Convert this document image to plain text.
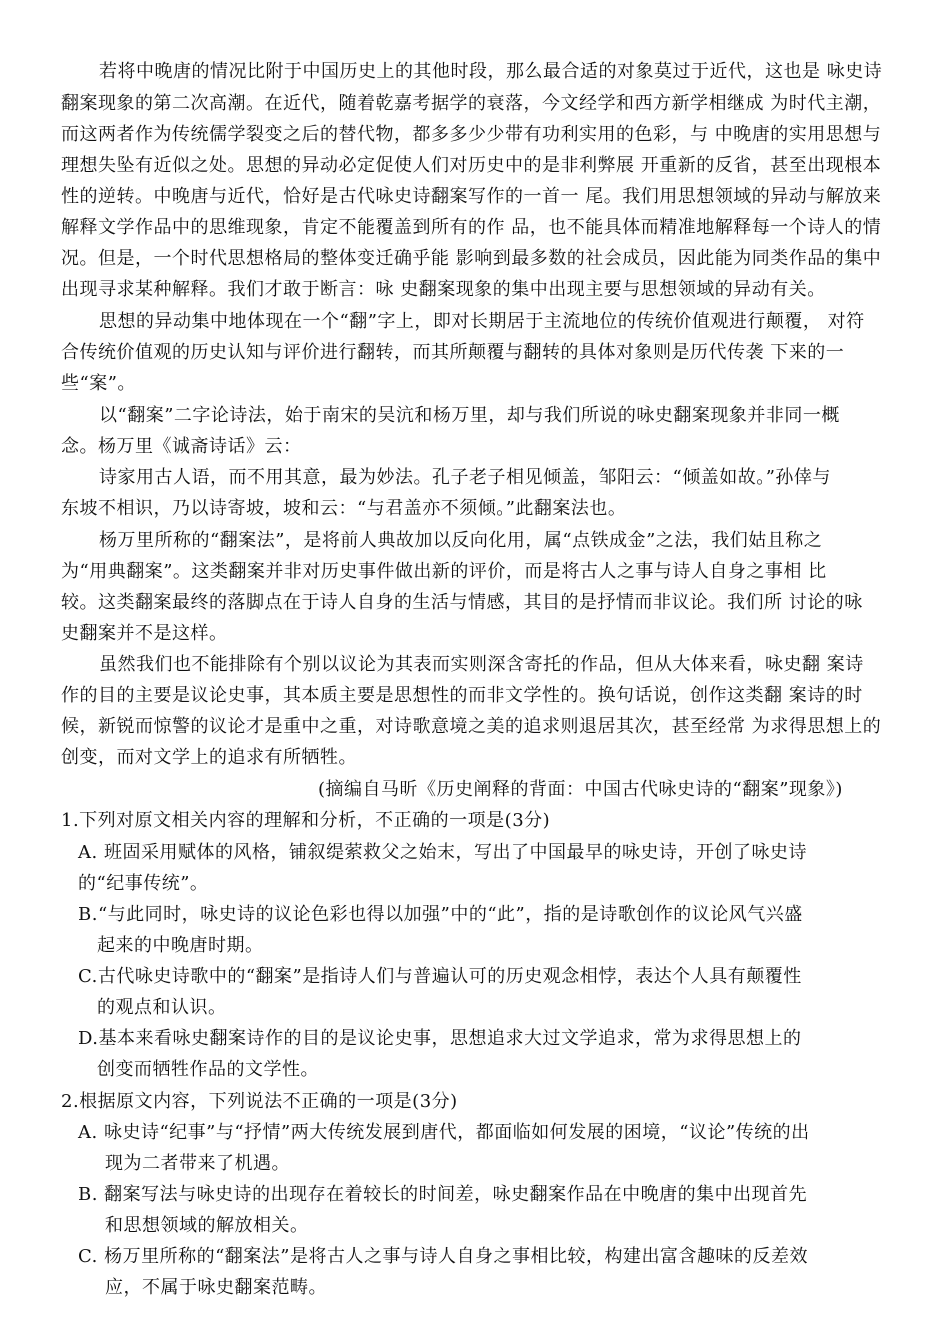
若将中晚唐的情况比附于中国历史上的其他时段，那么最合适的对象莫过于近代，这也是 咏史诗
翻案现象的第二次高潮。在近代，随着乾嘉考据学的衰落，今文经学和西方新学相继成 为时代主潮，
而这两者作为传统儒学裂变之后的替代物，都多多少少带有功利实用的色彩，与 中晚唐的实用思想与
理想失坠有近似之处。思想的异动必定促使人们对历史中的是非利弊展 开重新的反省，甚至出现根本
性的逆转。中晚唐与近代，恰好是古代咏史诗翻案写作的一首一 尾。我们用思想领域的异动与解放来
解释文学作品中的思维现象，肯定不能覆盖到所有的作 品，也不能具体而精准地解释每一个诗人的情
况。但是，一个时代思想格局的整体变迁确乎能 影响到最多数的社会成员，因此能为同类作品的集中
出现寻求某种解释。我们才敢于断言：咏 史翻案现象的集中出现主要与思想领域的异动有关。
思想的异动集中地体现在一个“翻”字上，即对长期居于主流地位的传统价值观进行颠覆， 对符
合传统价值观的历史认知与评价进行翻转，而其所颠覆与翻转的具体对象则是历代传袭 下来的一
些“案”。
以“翻案”二字论诗法，始于南宋的吴沆和杨万里，却与我们所说的咏史翻案现象并非同一概
念。杨万里《诚斋诗话》云：
诗家用古人语，而不用其意，最为妙法。孔子老子相见倾盖，邹阳云：“倾盖如故。”孙倖与
东坡不相识，乃以诗寄坡，坡和云：“与君盖亦不须倾。”此翻案法也。
杨万里所称的“翻案法”，是将前人典故加以反向化用，属“点铁成金”之法，我们姑且称之
为“用典翻案”。这类翻案并非对历史事件做出新的评价，而是将古人之事与诗人自身之事相 比
较。这类翻案最终的落脚点在于诗人自身的生活与情感，其目的是抒情而非议论。我们所 讨论的咏
史翻案并不是这样。
虽然我们也不能排除有个别以议论为其表而实则深含寄托的作品，但从大体来看，咏史翻 案诗
作的目的主要是议论史事，其本质主要是思想性的而非文学性的。换句话说，创作这类翻 案诗的时
候，新锐而惊警的议论才是重中之重，对诗歌意境之美的追求则退居其次，甚至经常 为求得思想上的
创变，而对文学上的追求有所牺牲。
(摘编自马昕《历史阐释的背面：中国古代咏史诗的“翻案”现象》)
1.下列对原文相关内容的理解和分析，不正确的一项是(3分)
A. 班固采用赋体的风格，铺叙缇萦救父之始末，写出了中国最早的咏史诗，开创了咏史诗
的“纪事传统”。
B.“与此同时，咏史诗的议论色彩也得以加强”中的“此”，指的是诗歌创作的议论风气兴盛
起来的中晚唐时期。
C.古代咏史诗歌中的“翻案”是指诗人们与普遍认可的历史观念相悖，表达个人具有颠覆性
的观点和认识。
D.基本来看咏史翻案诗作的目的是议论史事，思想追求大过文学追求，常为求得思想上的
创变而牺牲作品的文学性。
2.根据原文内容，下列说法不正确的一项是(3分)
A. 咏史诗“纪事”与“抒情”两大传统发展到唐代，都面临如何发展的困境，“议论”传统的出
现为二者带来了机遇。
B. 翻案写法与咏史诗的出现存在着较长的时间差，咏史翻案作品在中晚唐的集中出现首先
和思想领域的解放相关。
C. 杨万里所称的“翻案法”是将古人之事与诗人自身之事相比较，构建出富含趣味的反差效
应，不属于咏史翻案范畴。
